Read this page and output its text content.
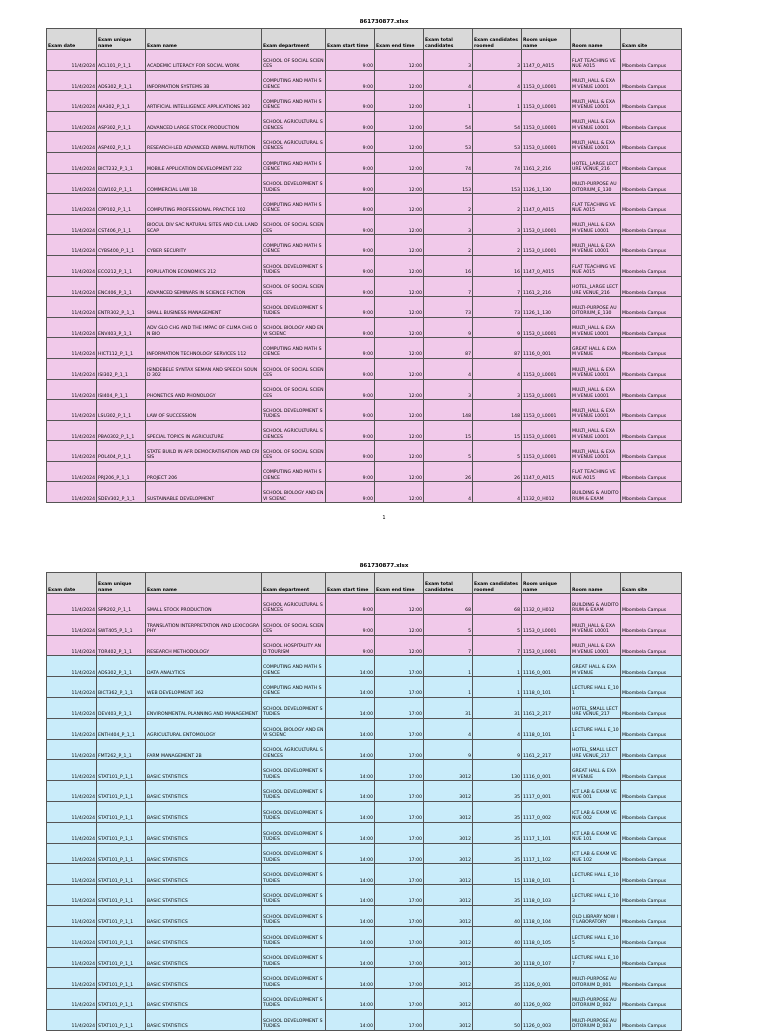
861730877.xlsx
Exam date	Exam unique name	Exam name	Exam department	Exam start time	Exam end time	Exam total candidates	Exam candidates roomed	Room unique name	Room name	Exam site
11/4/2024	ACL101_P_1_1	ACADEMIC LITERACY FOR SOCIAL WORK	SCHOOL OF SOCIAL SCIENCES	9:00	12:00	3	3	1147_0_A015	FLAT TEACHING VENUE A015	Mbombela Campus
11/4/2024	ADS302_P_1_1	INFORMATION SYSTEMS 3B	COMPUTING AND MATH SCIENCE	9:00	12:00	4	4	1153_0_L0001	MULTI_HALL & EXAM VENUE L0001	Mbombela Campus
11/4/2024	AIA302_P_1_1	ARTIFICIAL INTELLIGENCE APPLICATIONS 302	COMPUTING AND MATH SCIENCE	9:00	12:00	1	1	1153_0_L0001	MULTI_HALL & EXAM VENUE L0001	Mbombela Campus
11/4/2024	ASP302_P_1_1	ADVANCED LARGE STOCK PRODUCTION	SCHOOL AGRICULTURAL SCIENCES	9:00	12:00	54	54	1153_0_L0001	MULTI_HALL & EXAM VENUE L0001	Mbombela Campus
11/4/2024	ASP402_P_1_1	RESEARCH-LED ADVANCED ANIMAL NUTRITION	SCHOOL AGRICULTURAL SCIENCES	9:00	12:00	53	53	1153_0_L0001	MULTI_HALL & EXAM VENUE L0001	Mbombela Campus
11/4/2024	BICT232_P_1_1	MOBILE APPLICATION DEVELOPMENT 232	COMPUTING AND MATH SCIENCE	9:00	12:00	74	74	1161_2_216	HOTEL_LARGE LECTURE VENUE_216	Mbombela Campus
11/4/2024	CLW102_P_1_1	COMMERCIAL LAW 1B	SCHOOL DEVELOPMENT STUDIES	9:00	12:00	153	153	1126_1_130	MULTI-PURPOSE AUDITORIUM_E_130	Mbombela Campus
11/4/2024	CPP102_P_1_1	COMPUTING PROFESSIONAL PRACTICE 102	COMPUTING AND MATH SCIENCE	9:00	12:00	2	2	1147_0_A015	FLAT TEACHING VENUE A015	Mbombela Campus
11/4/2024	CST406_P_1_1	BIOCUL DIV SAC NATURAL SITES AND CUL LANDSCAP	SCHOOL OF SOCIAL SCIENCES	9:00	12:00	3	3	1153_0_L0001	MULTI_HALL & EXAM VENUE L0001	Mbombela Campus
11/4/2024	CYBS400_P_1_1	CYBER SECURITY	COMPUTING AND MATH SCIENCE	9:00	12:00	2	2	1153_0_L0001	MULTI_HALL & EXAM VENUE L0001	Mbombela Campus
11/4/2024	ECO212_P_1_1	POPULATION ECONOMICS 212	SCHOOL DEVELOPMENT STUDIES	9:00	12:00	16	16	1147_0_A015	FLAT TEACHING VENUE A015	Mbombela Campus
11/4/2024	ENC406_P_1_1	ADVANCED SEMINARS IN SCIENCE FICTION	SCHOOL OF SOCIAL SCIENCES	9:00	12:00	7	7	1161_2_216	HOTEL_LARGE LECTURE VENUE_216	Mbombela Campus
11/4/2024	ENTR302_P_1_1	SMALL BUSINESS MANAGEMENT	SCHOOL DEVELOPMENT STUDIES	9:00	12:00	73	73	1126_1_130	MULTI-PURPOSE AUDITORIUM_E_130	Mbombela Campus
11/4/2024	ENV403_P_1_1	ADV GLO CHG AND THE IMPAC OF CLIMA CHG ON BIO	SCHOOL BIOLOGY AND ENVI SCIENC	9:00	12:00	9	9	1153_0_L0001	MULTI_HALL & EXAM VENUE L0001	Mbombela Campus
11/4/2024	HICT112_P_1_1	INFORMATION TECHNOLOGY SERVICES 112	COMPUTING AND MATH SCIENCE	9:00	12:00	87	87	1116_0_001	GREAT HALL & EXAM VENUE	Mbombela Campus
11/4/2024	ISI302_P_1_1	ISINDEBELE SYNTAX SEMAN AND SPEECH SOUND 302	SCHOOL OF SOCIAL SCIENCES	9:00	12:00	4	4	1153_0_L0001	MULTI_HALL & EXAM VENUE L0001	Mbombela Campus
11/4/2024	ISI404_P_1_1	PHONETICS AND PHONOLOGY	SCHOOL OF SOCIAL SCIENCES	9:00	12:00	3	3	1153_0_L0001	MULTI_HALL & EXAM VENUE L0001	Mbombela Campus
11/4/2024	LSU302_P_1_1	LAW OF SUCCESSION	SCHOOL DEVELOPMENT STUDIES	9:00	12:00	148	148	1153_0_L0001	MULTI_HALL & EXAM VENUE L0001	Mbombela Campus
11/4/2024	PBA0302_P_1_1	SPECIAL TOPICS IN AGRICULTURE	SCHOOL AGRICULTURAL SCIENCES	9:00	12:00	15	15	1153_0_L0001	MULTI_HALL & EXAM VENUE L0001	Mbombela Campus
11/4/2024	POL404_P_1_1	STATE BUILD IN AFR DEMOCRATISATION AND CRISIS	SCHOOL OF SOCIAL SCIENCES	9:00	12:00	5	5	1153_0_L0001	MULTI_HALL & EXAM VENUE L0001	Mbombela Campus
11/4/2024	PRJ206_P_1_1	PROJECT 206	COMPUTING AND MATH SCIENCE	9:00	12:00	26	26	1147_0_A015	FLAT TEACHING VENUE A015	Mbombela Campus
11/4/2024	SDEV302_P_1_1	SUSTAINABLE DEVELOPMENT	SCHOOL BIOLOGY AND ENVI SCIENC	9:00	12:00	4	4	1132_0_H012	BUILDING & AUDITORIUM & EXAM	Mbombela Campus
1
861730877.xlsx
Exam date	Exam unique name	Exam name	Exam department	Exam start time	Exam end time	Exam total candidates	Exam candidates roomed	Room unique name	Room name	Exam site
11/4/2024	SPR202_P_1_1	SMALL STOCK PRODUCTION	SCHOOL AGRICULTURAL SCIENCES	9:00	12:00	68	68	1132_0_H012	BUILDING & AUDITORIUM & EXAM	Mbombela Campus
11/4/2024	SWT405_P_1_1	TRANSLATION INTERPRETATION AND LEXICOGRAPHY	SCHOOL OF SOCIAL SCIENCES	9:00	12:00	5	5	1153_0_L0001	MULTI_HALL & EXAM VENUE L0001	Mbombela Campus
11/4/2024	TOR402_P_1_1	RESEARCH METHODOLOGY	SCHOOL HOSPITALITY AND TOURISM	9:00	12:00	7	7	1153_0_L0001	MULTI_HALL & EXAM VENUE L0001	Mbombela Campus
11/4/2024	ADS302_P_1_1	DATA ANALYTICS	COMPUTING AND MATH SCIENCE	14:00	17:00	1	1	1116_0_001	GREAT HALL & EXAM VENUE	Mbombela Campus
11/4/2024	BICT362_P_1_1	WEB DEVELOPMENT 362	COMPUTING AND MATH SCIENCE	14:00	17:00	1	1	1118_0_101	LECTURE HALL E_101	Mbombela Campus
11/4/2024	DEV403_P_1_1	ENVIRONMENTAL PLANNING AND MANAGEMENT	SCHOOL DEVELOPMENT STUDIES	14:00	17:00	31	31	1161_2_217	HOTEL_SMALL LECTURE VENUE_217	Mbombela Campus
11/4/2024	ENTH404_P_1_1	AGRICULTURAL ENTOMOLOGY	SCHOOL BIOLOGY AND ENVI SCIENC	14:00	17:00	4	4	1118_0_101	LECTURE HALL E_101	Mbombela Campus
11/4/2024	FMT262_P_1_1	FARM MANAGEMENT 2B	SCHOOL AGRICULTURAL SCIENCES	14:00	17:00	9	9	1161_2_217	HOTEL_SMALL LECTURE VENUE_217	Mbombela Campus
11/4/2024	STAT101_P_1_1	BASIC STATISTICS	SCHOOL DEVELOPMENT STUDIES	14:00	17:00	3012	130	1116_0_001	GREAT HALL & EXAM VENUE	Mbombela Campus
11/4/2024	STAT101_P_1_1	BASIC STATISTICS	SCHOOL DEVELOPMENT STUDIES	14:00	17:00	3012	35	1117_0_001	ICT LAB & EXAM VENUE 001	Mbombela Campus
11/4/2024	STAT101_P_1_1	BASIC STATISTICS	SCHOOL DEVELOPMENT STUDIES	14:00	17:00	3012	35	1117_0_002	ICT LAB & EXAM VENUE 002	Mbombela Campus
11/4/2024	STAT101_P_1_1	BASIC STATISTICS	SCHOOL DEVELOPMENT STUDIES	14:00	17:00	3012	35	1117_1_101	ICT LAB & EXAM VENUE 101	Mbombela Campus
11/4/2024	STAT101_P_1_1	BASIC STATISTICS	SCHOOL DEVELOPMENT STUDIES	14:00	17:00	3012	35	1117_1_102	ICT LAB & EXAM VENUE 102	Mbombela Campus
11/4/2024	STAT101_P_1_1	BASIC STATISTICS	SCHOOL DEVELOPMENT STUDIES	14:00	17:00	3012	15	1118_0_101	LECTURE HALL E_101	Mbombela Campus
11/4/2024	STAT101_P_1_1	BASIC STATISTICS	SCHOOL DEVELOPMENT STUDIES	14:00	17:00	3012	35	1118_0_103	LECTURE HALL E_103	Mbombela Campus
11/4/2024	STAT101_P_1_1	BASIC STATISTICS	SCHOOL DEVELOPMENT STUDIES	14:00	17:00	3012	40	1118_0_104	OLD LIBRARY NOW IT LABORATORY	Mbombela Campus
11/4/2024	STAT101_P_1_1	BASIC STATISTICS	SCHOOL DEVELOPMENT STUDIES	14:00	17:00	3012	40	1118_0_105	LECTURE HALL E_105	Mbombela Campus
11/4/2024	STAT101_P_1_1	BASIC STATISTICS	SCHOOL DEVELOPMENT STUDIES	14:00	17:00	3012	30	1118_0_107	LECTURE HALL E_107	Mbombela Campus
11/4/2024	STAT101_P_1_1	BASIC STATISTICS	SCHOOL DEVELOPMENT STUDIES	14:00	17:00	3012	35	1126_0_001	MULTI-PURPOSE AUDITORIUM D_001	Mbombela Campus
11/4/2024	STAT101_P_1_1	BASIC STATISTICS	SCHOOL DEVELOPMENT STUDIES	14:00	17:00	3012	40	1126_0_002	MULTI-PURPOSE AUDITORIUM D_002	Mbombela Campus
11/4/2024	STAT101_P_1_1	BASIC STATISTICS	SCHOOL DEVELOPMENT STUDIES	14:00	17:00	3012	50	1126_0_003	MULTI-PURPOSE AUDITORIUM D_003	Mbombela Campus
